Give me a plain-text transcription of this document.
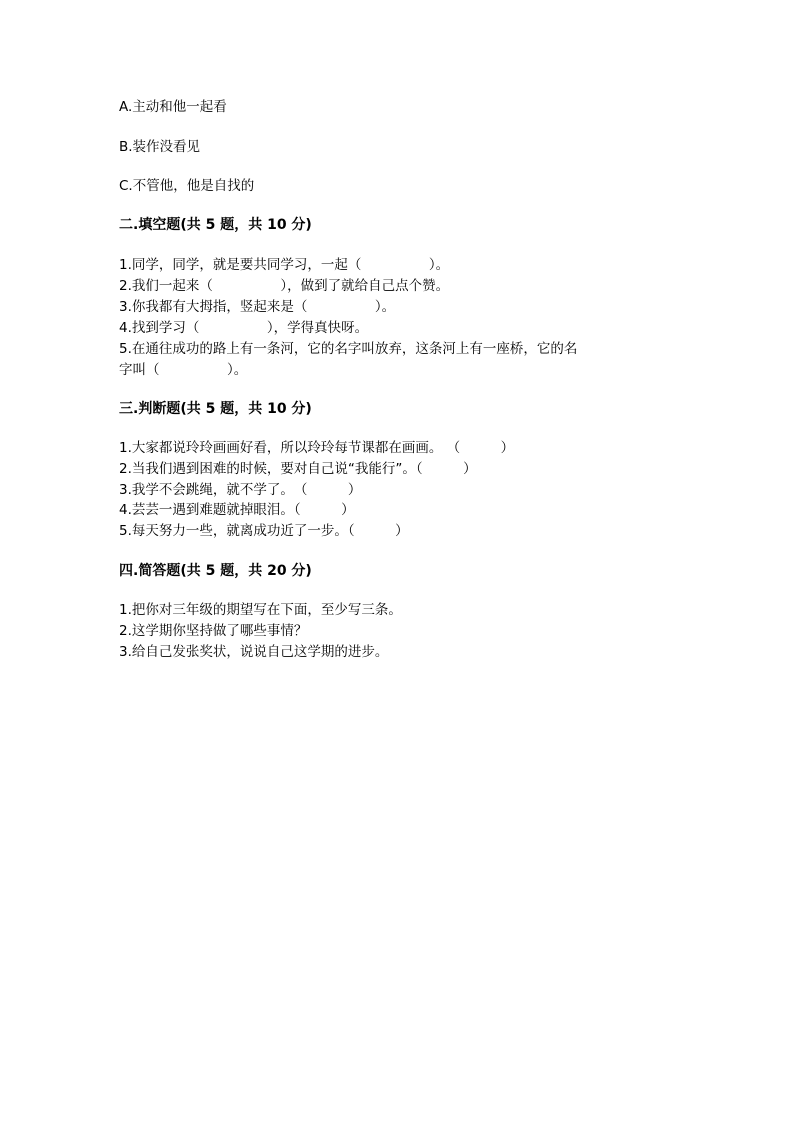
A.主动和他一起看
B.装作没看见
C.不管他，他是自找的
二.填空题(共 5 题，共 10 分)
1.同学，同学，就是要共同学习，一起（　　　　　）。
2.我们一起来（　　　　　），做到了就给自己点个赞。
3.你我都有大拇指，竖起来是（　　　　　）。
4.找到学习（　　　　　），学得真快呀。
5.在通往成功的路上有一条河，它的名字叫放弃，这条河上有一座桥，它的名
字叫（　　　　　）。
三.判断题(共 5 题，共 10 分)
1.大家都说玲玲画画好看，所以玲玲每节课都在画画。 （　　　）
2.当我们遇到困难的时候，要对自己说“我能行”。（　　　）
3.我学不会跳绳，就不学了。　（　　　）
4.芸芸一遇到难题就掉眼泪。（　　　）
5.每天努力一些，就离成功近了一步。（　　　）
四.简答题(共 5 题，共 20 分)
1.把你对三年级的期望写在下面，至少写三条。
2.这学期你坚持做了哪些事情？
3.给自己发张奖状，说说自己这学期的进步。
